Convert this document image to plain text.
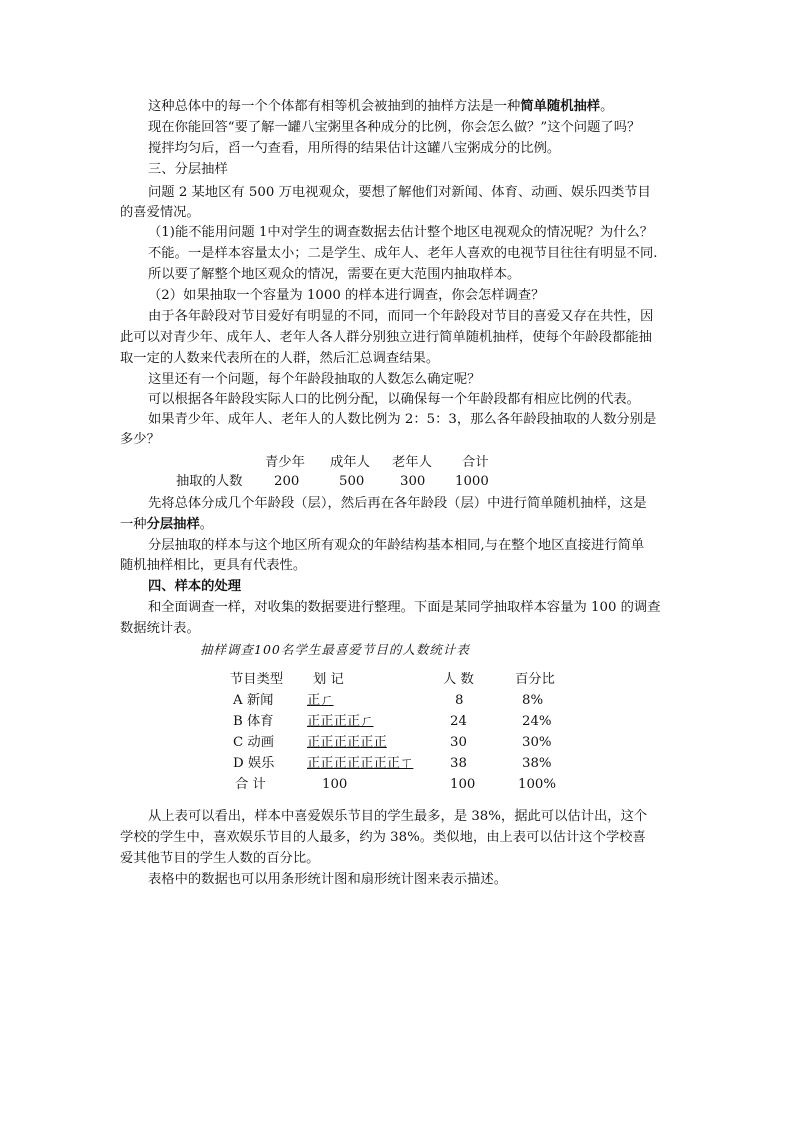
这种总体中的每一个个体都有相等机会被抽到的抽样方法是一种简单随机抽样。
现在你能回答“要了解一罐八宝粥里各种成分的比例，你会怎么做？”这个问题了吗？
搅拌均匀后，舀一勺查看，用所得的结果估计这罐八宝粥成分的比例。
三、分层抽样
问题 2 某地区有 500 万电视观众，要想了解他们对新闻、体育、动画、娱乐四类节目
的喜爱情况。
（1)能不能用问题 1中对学生的调查数据去估计整个地区电视观众的情况呢？为什么？
不能。一是样本容量太小；二是学生、成年人、老年人喜欢的电视节目往往有明显不同.
所以要了解整个地区观众的情况，需要在更大范围内抽取样本。
（2）如果抽取一个容量为 1000 的样本进行调查，你会怎样调查？
由于各年龄段对节目爱好有明显的不同，而同一个年龄段对节目的喜爱又存在共性，因
此可以对青少年、成年人、老年人各人群分别独立进行简单随机抽样，使每个年龄段都能抽
取一定的人数来代表所在的人群，然后汇总调查结果。
这里还有一个问题，每个年龄段抽取的人数怎么确定呢？
可以根据各年龄段实际人口的比例分配，以确保每一个年龄段都有相应比例的代表。
如果青少年、成年人、老年人的人数比例为 2：5：3，那么各年龄段抽取的人数分别是
多少？
青少年 成年人 老年人 合计
抽取的人数 200	500	300 1000
先将总体分成几个年龄段（层），然后再在各年龄段（层）中进行简单随机抽样，这是
一种分层抽样。
分层抽取的样本与这个地区所有观众的年龄结构基本相同,与在整个地区直接进行简单
随机抽样相比，更具有代表性。
四、样本的处理
和全面调查一样，对收集的数据要进行整理。下面是某同学抽取样本容量为 100 的调查
数据统计表。
抽样调查100名学生最喜爱节目的人数统计表
节目类型 划 记	人 数	百分比
A 新闻	正ㄏ	8	8%
B 体育	正正正正ㄏ	24	24%
C 动画 正正正正正正	30	30%
D 娱乐 正正正正正正正ㄒ	38	38%
合 计	100	100	100%
从上表可以看出，样本中喜爱娱乐节目的学生最多，是 38%，据此可以估计出，这个
学校的学生中，喜欢娱乐节目的人最多，约为 38%。类似地，由上表可以估计这个学校喜
爱其他节目的学生人数的百分比。
表格中的数据也可以用条形统计图和扇形统计图来表示描述。
